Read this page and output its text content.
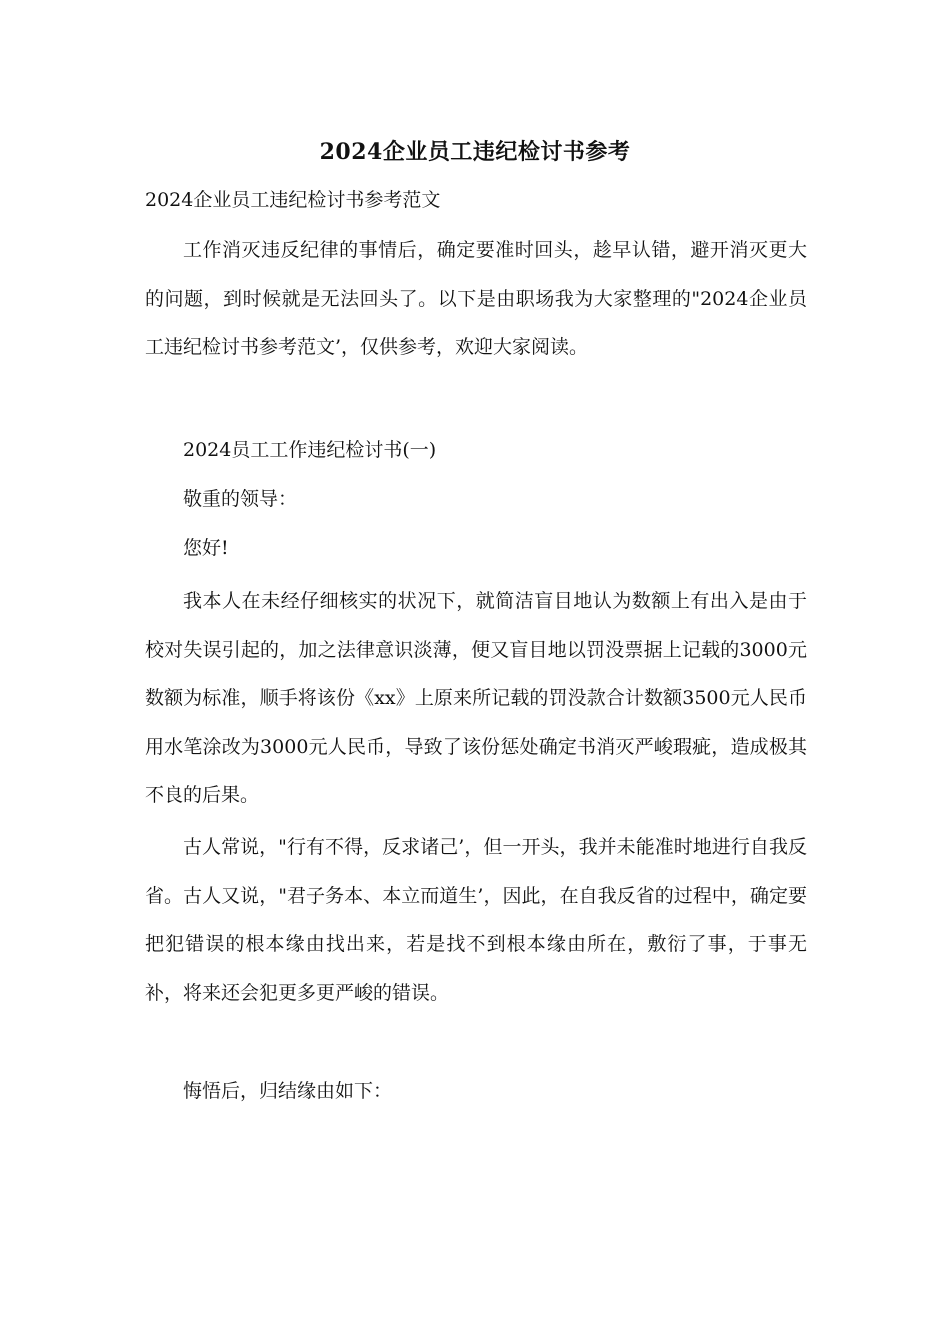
2024企业员工违纪检讨书参考
2024企业员工违纪检讨书参考范文

工作消灭违反纪律的事情后，确定要准时回头，趁早认错，避开消灭更大的问题，到时候就是无法回头了。以下是由职场我为大家整理的"2024企业员工违纪检讨书参考范文’，仅供参考，欢迎大家阅读。

2024员工工作违纪检讨书(一)

敬重的领导：

您好!

我本人在未经仔细核实的状况下，就简洁盲目地认为数额上有出入是由于校对失误引起的，加之法律意识淡薄，便又盲目地以罚没票据上记载的3000元数额为标准，顺手将该份《xx》上原来所记载的罚没款合计数额3500元人民币用水笔涂改为3000元人民币，导致了该份惩处确定书消灭严峻瑕疵，造成极其不良的后果。

古人常说，"行有不得，反求诸己’，但一开头，我并未能准时地进行自我反省。古人又说，"君子务本、本立而道生’，因此，在自我反省的过程中，确定要把犯错误的根本缘由找出来，若是找不到根本缘由所在，敷衍了事，于事无补，将来还会犯更多更严峻的错误。

悔悟后，归结缘由如下：
